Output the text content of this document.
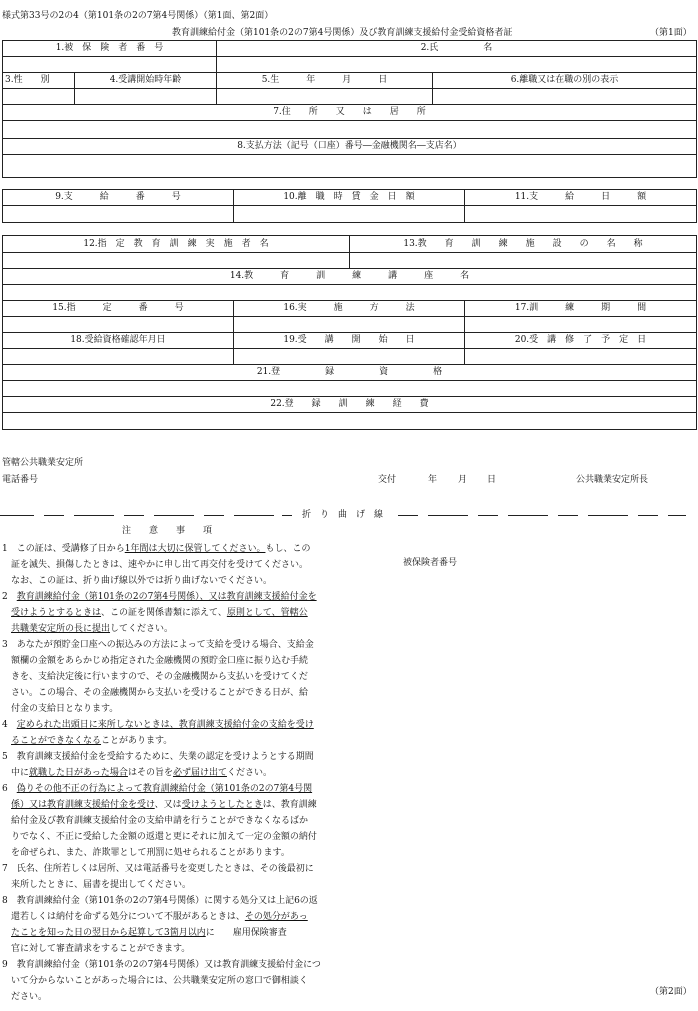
様式第33号の2の4（第101条の2の7第4号関係）（第1面、第2面）
教育訓練給付金（第101条の2の7第4号関係）及び教育訓練支援給付金受給資格者証	（第1面）
1.被　保　険　者　番　号		2.氏　　　　　名	

3.性　　別	4.受講開始時年齢	5.生　　　年　　　月　　　日	6.離職又は在職の別の表示

7.住　　所　　又　　は　　居　　所			

8.支払方法（記号（口座）番号―金融機関名―支店名）			

9.支　　　給　　　番　　　号	10.離　職　時　賃　金　日　額	11.支　　　給　　　日　　　額

12.指　定　教　育　訓　練　実　施　者　名		13.教　　育　　訓　　練　　施　　設　　の　　名　　称	

14.教　　　育　　　訓　　　練　　　講　　　座　　　名			

15.指　　　定　　　番　　　号	16.実　　　施　　　方　　　法		17.訓　　　練　　　期　　　間

18.受給資格確認年月日	19.受　　講　　開　　始　　日		20.受　講　修　了　予　定　日

21.登　　　　　録　　　　　資　　　　　格			

22.登　　録　　訓　　練　　経　　費			

管轄公共職業安定所
電話番号	交付	年 月 日	公共職業安定所長
折　り　曲　げ　線
注　　意　　事　　項

1　この証は、受講修了日から1年間は大切に保管してください。もし、この

　証を滅失、損傷したときは、速やかに申し出て再交付を受けてください。

　なお、この証は、折り曲げ線以外では折り曲げないでください。

2　教育訓練給付金（第101条の2の7第4号関係）、又は教育訓練支援給付金を

　受けようとするときは、この証を関係書類に添えて、原則として、管轄公

　共職業安定所の長に提出してください。

3　あなたが預貯金口座への振込みの方法によって支給を受ける場合、支給金

　額欄の金額をあらかじめ指定された金融機関の預貯金口座に振り込む手続

　きを、支給決定後に行いますので、その金融機関から支払いを受けてくだ

　さい。この場合、その金融機関から支払いを受けることができる日が、給

　付金の支給日となります。

4　定められた出頭日に来所しないときは、教育訓練支援給付金の支給を受け

　ることができなくなることがあります。

5　教育訓練支援給付金を受給するために、失業の認定を受けようとする期間

　中に就職した日があった場合はその旨を必ず届け出てください。

6　偽りその他不正の行為によって教育訓練給付金（第101条の2の7第4号関

　係）又は教育訓練支援給付金を受け、又は受けようとしたときは、教育訓練

　給付金及び教育訓練支援給付金の支給申請を行うことができなくなるばか

　りでなく、不正に受給した金額の返還と更にそれに加えて一定の金額の納付

　を命ぜられ、また、詐欺罪として刑罰に処せられることがあります。

7　氏名、住所若しくは居所、又は電話番号を変更したときは、その後最初に

　来所したときに、届書を提出してください。

8　教育訓練給付金（第101条の2の7第4号関係）に関する処分又は上記6の返

　還若しくは納付を命ずる処分について不服があるときは、その処分があっ

　たことを知った日の翌日から起算して3箇月以内に　　雇用保険審査

　官に対して審査請求をすることができます。

9　教育訓練給付金（第101条の2の7第4号関係）又は教育訓練支援給付金につ

　いて分からないことがあった場合には、公共職業安定所の窓口で御相談く

　ださい。

被保険者番号
（第2面）
